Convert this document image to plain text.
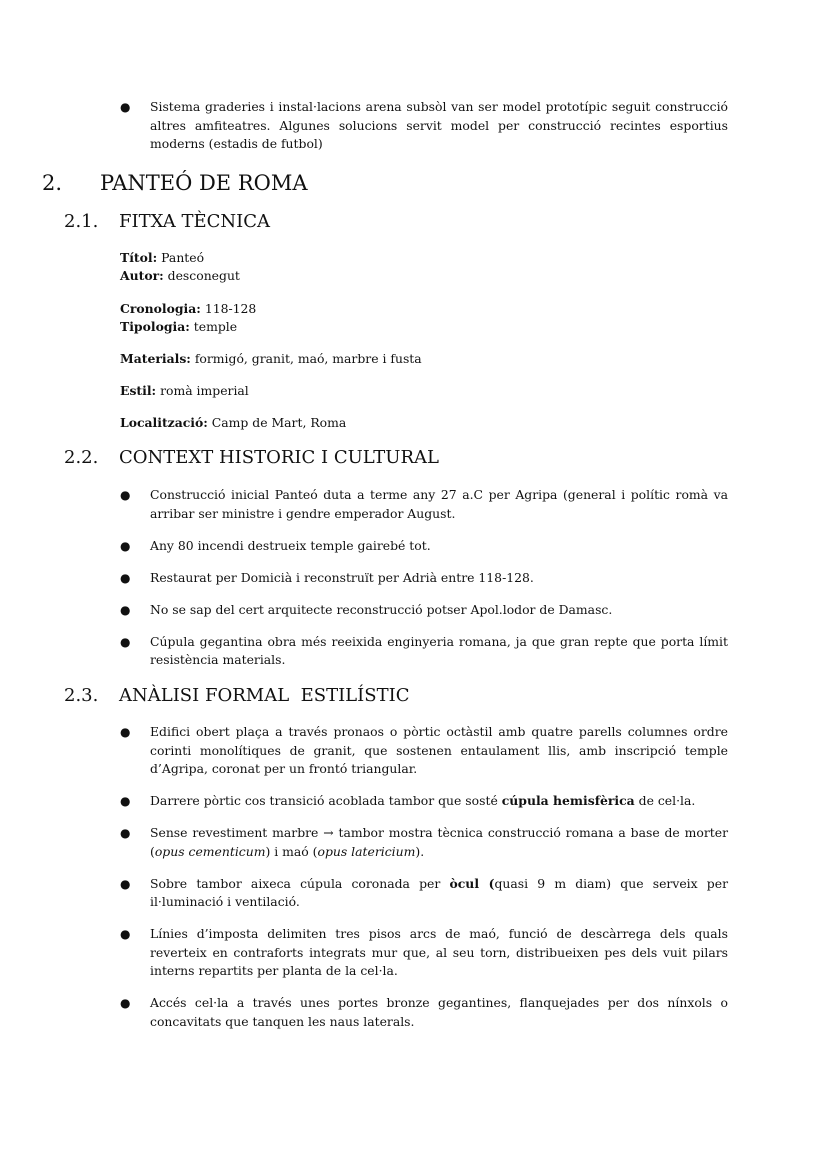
● Sistema graderies i instal·lacions arena subsòl van ser model prototípic seguit construcció altres amfiteatres. Algunes solucions servit model per construcció recintes esportius moderns (estadis de futbol)
2. PANTEÓ DE ROMA
2.1. FITXA TÈCNICA
Títol: Panteó
Autor: desconegut
Cronologia: 118-128
Tipologia: temple
Materials: formigó, granit, maó, marbre i fusta
Estil: romà imperial
Localització: Camp de Mart, Roma
2.2. CONTEXT HISTORIC I CULTURAL
● Construcció inicial Panteó duta a terme any 27 a.C per Agripa (general i polític romà va arribar ser ministre i gendre emperador August.
● Any 80 incendi destrueix temple gairebé tot.
● Restaurat per Domicià i reconstruït per Adrià entre 118-128.
● No se sap del cert arquitecte reconstrucció potser Apol.lodor de Damasc.
● Cúpula gegantina obra més reeixida enginyeria romana, ja que gran repte que porta límit resistència materials.
2.3. ANÀLISI FORMAL  ESTILÍSTIC
● Edifici obert plaça a través pronaos o pòrtic octàstil amb quatre parells columnes ordre corinti monolítiques de granit, que sostenen entaulament llis, amb inscripció temple d’Agripa, coronat per un frontó triangular.
● Darrere pòrtic cos transició acoblada tambor que sosté cúpula hemisfèrica de cel·la.
● Sense revestiment marbre → tambor mostra tècnica construcció romana a base de morter (opus cementicum) i maó (opus latericium).
● Sobre tambor aixeca cúpula coronada per òcul (quasi 9 m diam) que serveix per il·luminació i ventilació.
● Línies d’imposta delimiten tres pisos arcs de maó, funció de descàrrega dels quals reverteix en contraforts integrats mur que, al seu torn, distribueixen pes dels vuit pilars interns repartits per planta de la cel·la.
● Accés cel·la a través unes portes bronze gegantines, flanquejades per dos nínxols o concavitats que tanquen les naus laterals.
